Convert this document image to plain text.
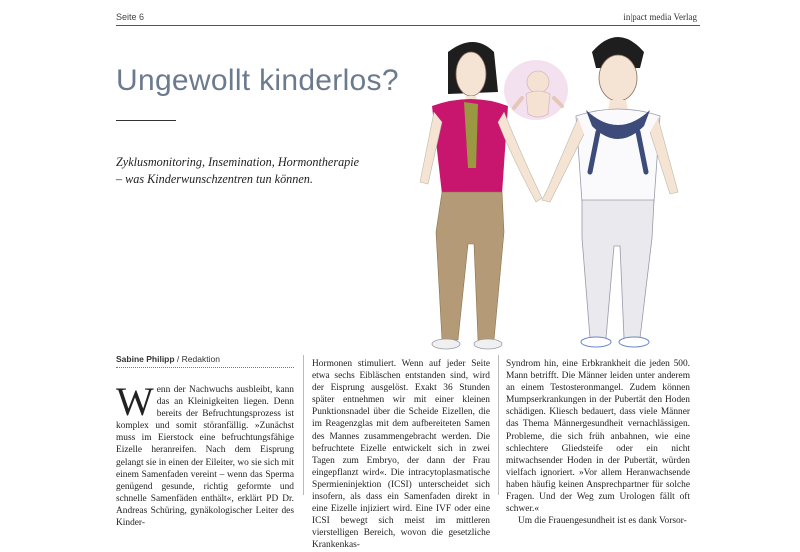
Seite 6	in|pact media Verlag
Ungewollt kinderlos?
Zyklusmonitoring, Insemination, Hormontherapie – was Kinderwunschzentren tun können.
Sabine Philipp / Redaktion

Wenn der Nachwuchs ausbleibt, kann das an Kleinigkeiten liegen. Denn bereits der Befruchtungsprozess ist komplex und somit störanfällig. »Zunächst muss im Eierstock eine befruchtungsfähige Eizelle heranreifen. Nach dem Eisprung gelangt sie in einen der Eileiter, wo sie sich mit einem Samenfaden vereint – wenn das Sperma genügend gesunde, richtig geformte und schnelle Samenfäden enthält«, erklärt PD Dr. Andreas Schüring, gynäkologischer Leiter des Kinder-

Hormonen stimuliert. Wenn auf jeder Seite etwa sechs Eibläschen entstanden sind, wird der Eisprung ausgelöst. Exakt 36 Stunden später entnehmen wir mit einer kleinen Punktionsnadel über die Scheide Eizellen, die im Reagenzglas mit dem aufbereiteten Samen des Mannes zusammengebracht werden. Die befruchtete Eizelle entwickelt sich in zwei Tagen zum Embryo, der dann der Frau eingepflanzt wird«. Die intracytoplasmatische Spermieninjektion (ICSI) unterscheidet sich insofern, als dass ein Samenfaden direkt in eine Eizelle injiziert wird. Eine IVF oder eine ICSI bewegt sich meist im mittleren vierstelligen Bereich, wovon die gesetzliche Krankenkas-

Syndrom hin, eine Erbkrankheit die jeden 500. Mann betrifft. Die Männer leiden unter anderem an einem Testosteronmangel. Zudem können Mumpserkrankungen in der Pubertät den Hoden schädigen. Kliesch bedauert, dass viele Männer das Thema Männergesundheit vernachlässigen. Probleme, die sich früh anbahnen, wie eine schlechtere Gliedsteife oder ein nicht mitwachsender Hoden in der Pubertät, würden vielfach ignoriert. »Vor allem Heranwachsende haben häufig keinen Ansprechpartner für solche Fragen. Und der Weg zum Urologen fällt oft schwer.«
Um die Frauengesundheit ist es dank Vorsor-
